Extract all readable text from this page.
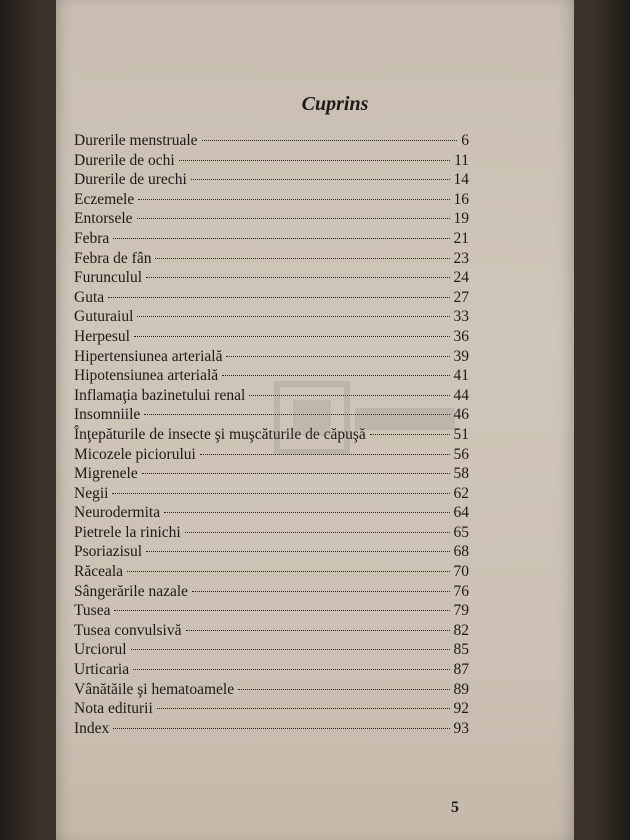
Cuprins
Durerile menstruale	6
Durerile de ochi	11
Durerile de urechi	14
Eczemele	16
Entorsele	19
Febra	21
Febra de fân	23
Furunculul	24
Guta	27
Guturaiul	33
Herpesul	36
Hipertensiunea arterială	39
Hipotensiunea arterială	41
Inflamaţia bazinetului renal	44
Insomniile	46
Înţepăturile de insecte şi muşcăturile de căpuşă	51
Micozele piciorului	56
Migrenele	58
Negii	62
Neurodermita	64
Pietrele la rinichi	65
Psoriazisul	68
Răceala	70
Sângerările nazale	76
Tusea	79
Tusea convulsivă	82
Urciorul	85
Urticaria	87
Vânătăile şi hematoamele	89
Nota editurii	92
Index	93
5
